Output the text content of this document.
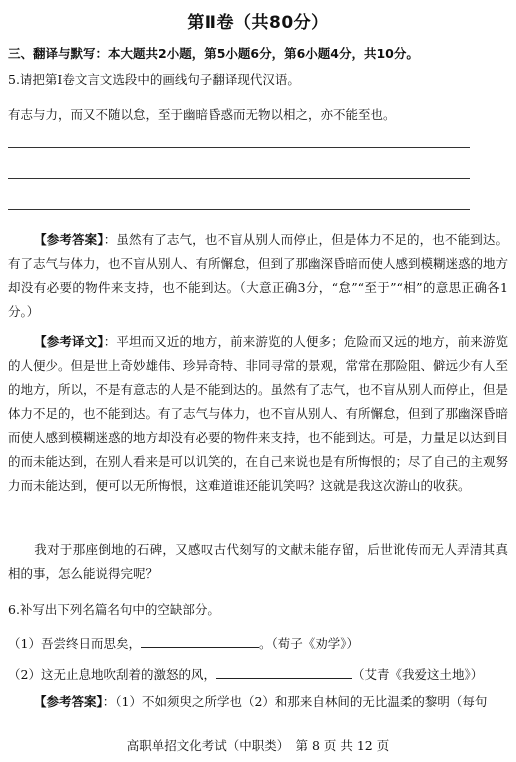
第Ⅱ卷（共80分）
三、翻译与默写：本大题共2小题，第5小题6分，第6小题4分，共10分。
5.请把第Ⅰ卷文言文选段中的画线句子翻译现代汉语。
有志与力，而又不随以怠，至于幽暗昏惑而无物以相之，亦不能至也。
【参考答案】：虽然有了志气，也不盲从别人而停止，但是体力不足的，也不能到达。有了志气与体力，也不盲从别人、有所懈怠，但到了那幽深昏暗而使人感到模糊迷惑的地方却没有必要的物件来支持，也不能到达。（大意正确3分，“怠”“至于”“相”的意思正确各1分。）
【参考译文】：平坦而又近的地方，前来游览的人便多；危险而又远的地方，前来游览的人便少。但是世上奇妙雄伟、珍异奇特、非同寻常的景观，常常在那险阻、僻远少有人至的地方，所以，不是有意志的人是不能到达的。虽然有了志气，也不盲从别人而停止，但是体力不足的，也不能到达。有了志气与体力，也不盲从别人、有所懈怠，但到了那幽深昏暗而使人感到模糊迷惑的地方却没有必要的物件来支持，也不能到达。可是，力量足以达到目的而未能达到，在别人看来是可以讥笑的，在自己来说也是有所悔恨的；尽了自己的主观努力而未能达到，便可以无所悔恨，这难道谁还能讥笑吗？这就是我这次游山的收获。
我对于那座倒地的石碑，又感叹古代刻写的文献未能存留，后世讹传而无人弄清其真相的事，怎么能说得完呢？
6.补写出下列名篇名句中的空缺部分。
（1）吾尝终日而思矣，	。（荀子《劝学》）
（2）这无止息地吹刮着的激怒的风，	（艾青《我爱这土地》）
【参考答案】：（1）不如须臾之所学也（2）和那来自林间的无比温柔的黎明（每句
高职单招文化考试（中职类）　第 8 页 共 12 页
